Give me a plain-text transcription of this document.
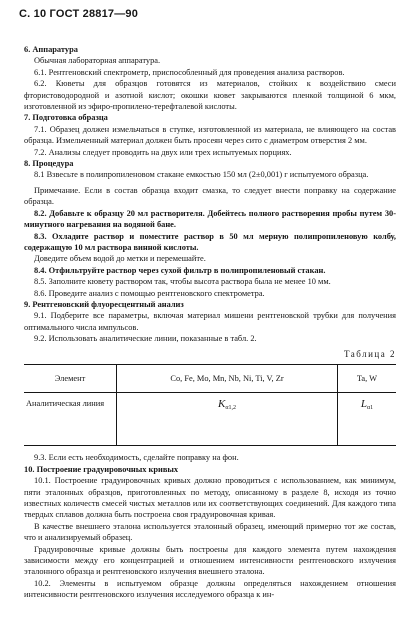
С. 10 ГОСТ 28817—90

6. Аппаратура

Обычная лабораторная аппаратура.

6.1. Рентгеновский спектрометр, приспособленный для проведения анализа растворов.

6.2. Кюветы для образцов готовятся из материалов, стойких к воздействию смеси фтористоводородной и азотной кислот; окошки кювет закрываются пленкой толщиной 6 мкм, изготовленной из эфиро-пропилено-терефталевой кислоты.

7. Подготовка образца

7.1. Образец должен измельчаться в ступке, изготовленной из материала, не влияющего на состав образца. Измельченный материал должен быть просеян через сито с диаметром отверстия 2 мм.

7.2. Анализы следует проводить на двух или трех испытуемых порциях.

8. Процедура

8.1 Взвесьте в полипропиленовом стакане емкостью 150 мл (2±0,001) г испытуемого образца.

Примечание. Если в состав образца входит смазка, то следует внести поправку на содержание образца.

8.2. Добавьте к образцу 20 мл растворителя. Добейтесь полного растворения пробы путем 30-минутного нагревания на водяной бане.

8.3. Охладите раствор и поместите раствор в 50 мл мерную полипропиленовую колбу, содержащую 10 мл раствора винной кислоты.

Доведите объем водой до метки и перемешайте.

8.4. Отфильтруйте раствор через сухой фильтр в полипропиленовый стакан.

8.5. Заполните кювету раствором так, чтобы высота раствора была не менее 10 мм.

8.6. Проведите анализ с помощью рентгеновского спектрометра.

9. Рентгеновский флуоресцентный анализ

9.1. Подберите все параметры, включая материал мишени рентгеновской трубки для получения оптимального числа импульсов.

9.2. Использовать аналитические линии, показанные в табл. 2.

Таблица 2
Элемент	Co, Fe, Mo, Mn, Nb, Ni, Ti, V, Zr	Ta, W
Аналитическая линия	$K_{\alpha 1,2}$	$L_{\alpha 1}$

9.3. Если есть необходимость, сделайте поправку на фон.

10. Построение градуировочных кривых

10.1. Построение градуировочных кривых должно проводиться с использованием, как минимум, пяти эталонных образцов, приготовленных по методу, описанному в разделе 8, исходя из точно известных количеств смесей чистых металлов или их соответствующих соединений. Для каждого типа твердых сплавов должна быть построена своя градуировочная кривая.

В качестве внешнего эталона используется эталонный образец, имеющий примерно тот же состав, что и анализируемый образец.

Градуировочные кривые должны быть построены для каждого элемента путем нахождения зависимости между его концентрацией и отношением интенсивности рентгеновского излучения эталонного образца и рентгеновского излучения внешнего эталона.

10.2. Элементы в испытуемом образце должны определяться нахождением отношения интенсивности рентгеновского излучения исследуемого образца к ин-
